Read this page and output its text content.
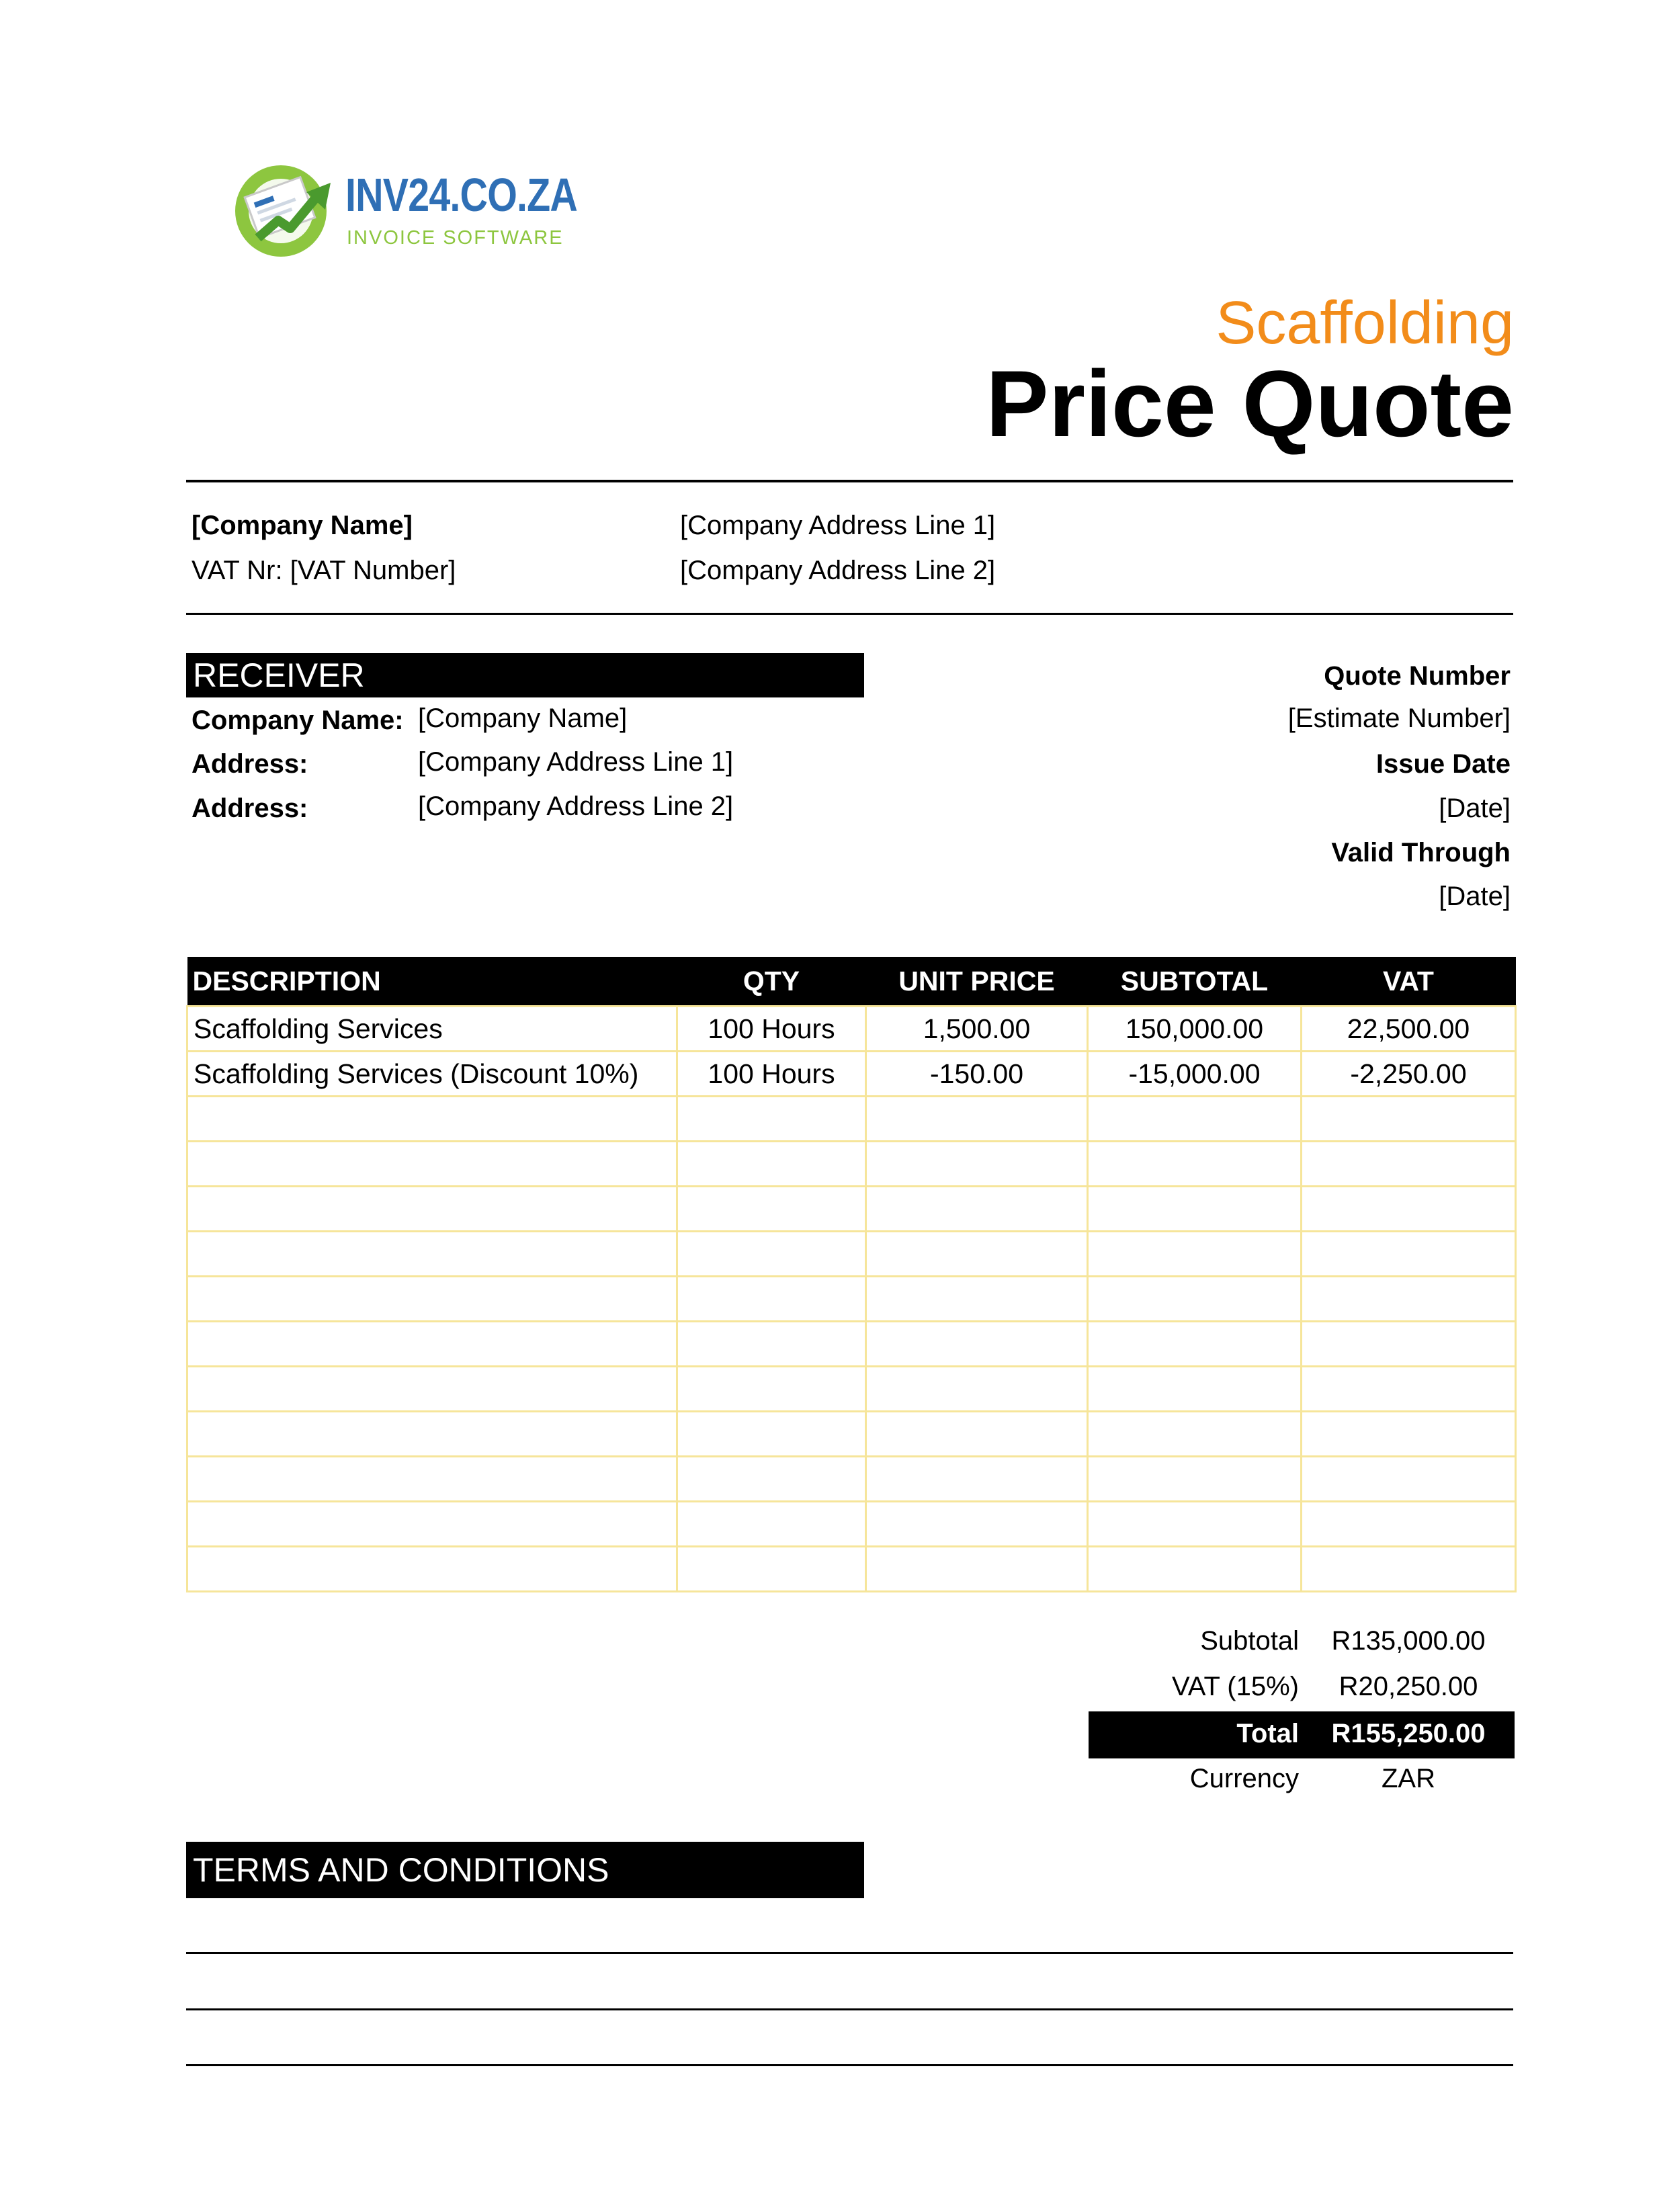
INV24.CO.ZA
INVOICE SOFTWARE
Scaffolding
Price Quote
[Company Name]
VAT Nr: [VAT Number]
[Company Address Line 1]
[Company Address Line 2]
RECEIVER
Company Name: [Company Name]
Address:	[Company Address Line 1]
Address:	[Company Address Line 2]
Quote Number
[Estimate Number]
Issue Date
[Date]
Valid Through
[Date]
DESCRIPTION	QTY	UNIT PRICE	SUBTOTAL	VAT
Scaffolding Services	100 Hours	1,500.00	150,000.00	22,500.00
Scaffolding Services (Discount 10%)	100 Hours	-150.00	-15,000.00	-2,250.00

Subtotal	R135,000.00
VAT (15%)	R20,250.00
Total	R155,250.00
Currency	ZAR
TERMS AND CONDITIONS
